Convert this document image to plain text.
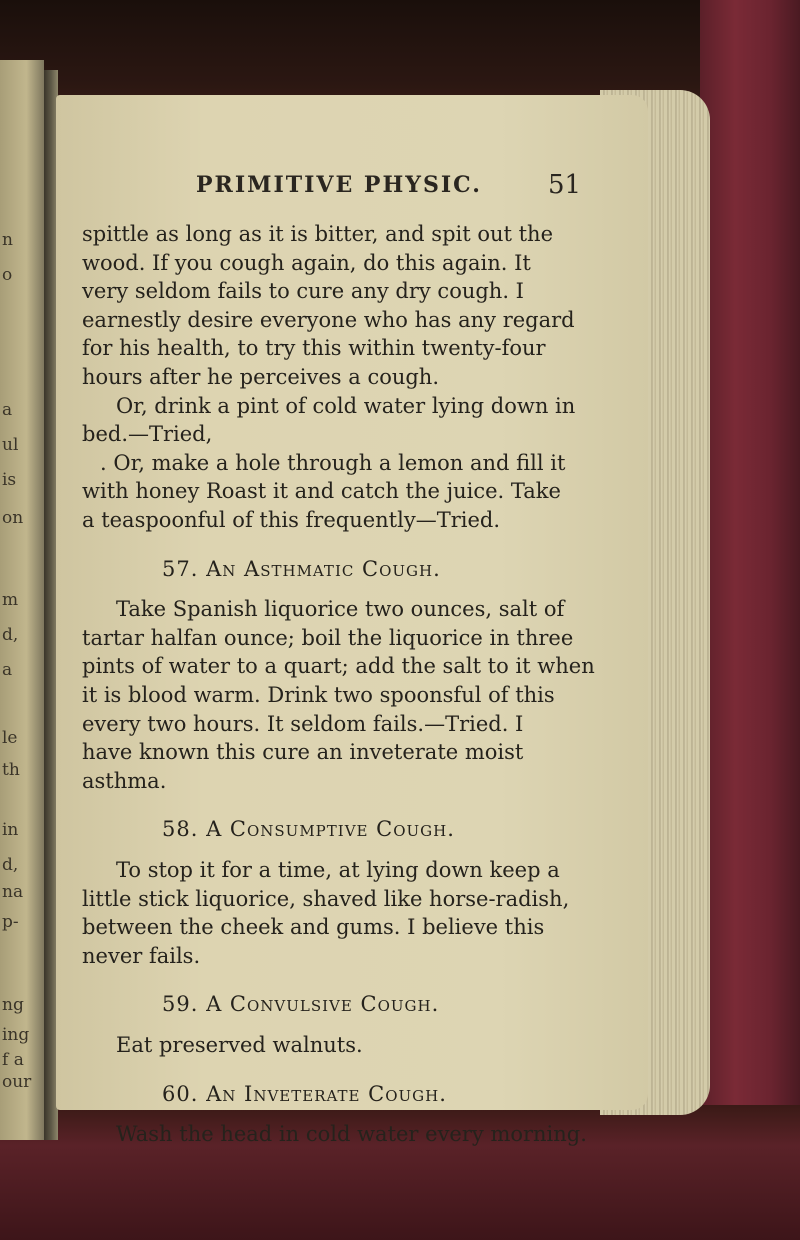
n
o
a
ul
is
on
m
d,
a
le
th
in
d,
na
p-
ng
ing
f a
our
PRIMITIVE PHYSIC.	51
spittle as long as it is bitter, and spit out the
wood. If you cough again, do this again. It
very seldom fails to cure any dry cough. I
earnestly desire everyone who has any regard
for his health, to try this within twenty-four
hours after he perceives a cough.
Or, drink a pint of cold water lying down in
bed.—Tried,
. Or, make a hole through a lemon and fill it
with honey Roast it and catch the juice. Take
a teaspoonful of this frequently—Tried.
57. An Asthmatic Cough.
Take Spanish liquorice two ounces, salt of
tartar halfan ounce; boil the liquorice in three
pints of water to a quart; add the salt to it when
it is blood warm. Drink two spoonsful of this
every two hours. It seldom fails.—Tried. I
have known this cure an inveterate moist
asthma.
58. A Consumptive Cough.
To stop it for a time, at lying down keep a
little stick liquorice, shaved like horse-radish,
between the cheek and gums. I believe this
never fails.
59. A Convulsive Cough.
Eat preserved walnuts.
60. An Inveterate Cough.
Wash the head in cold water every morning.
